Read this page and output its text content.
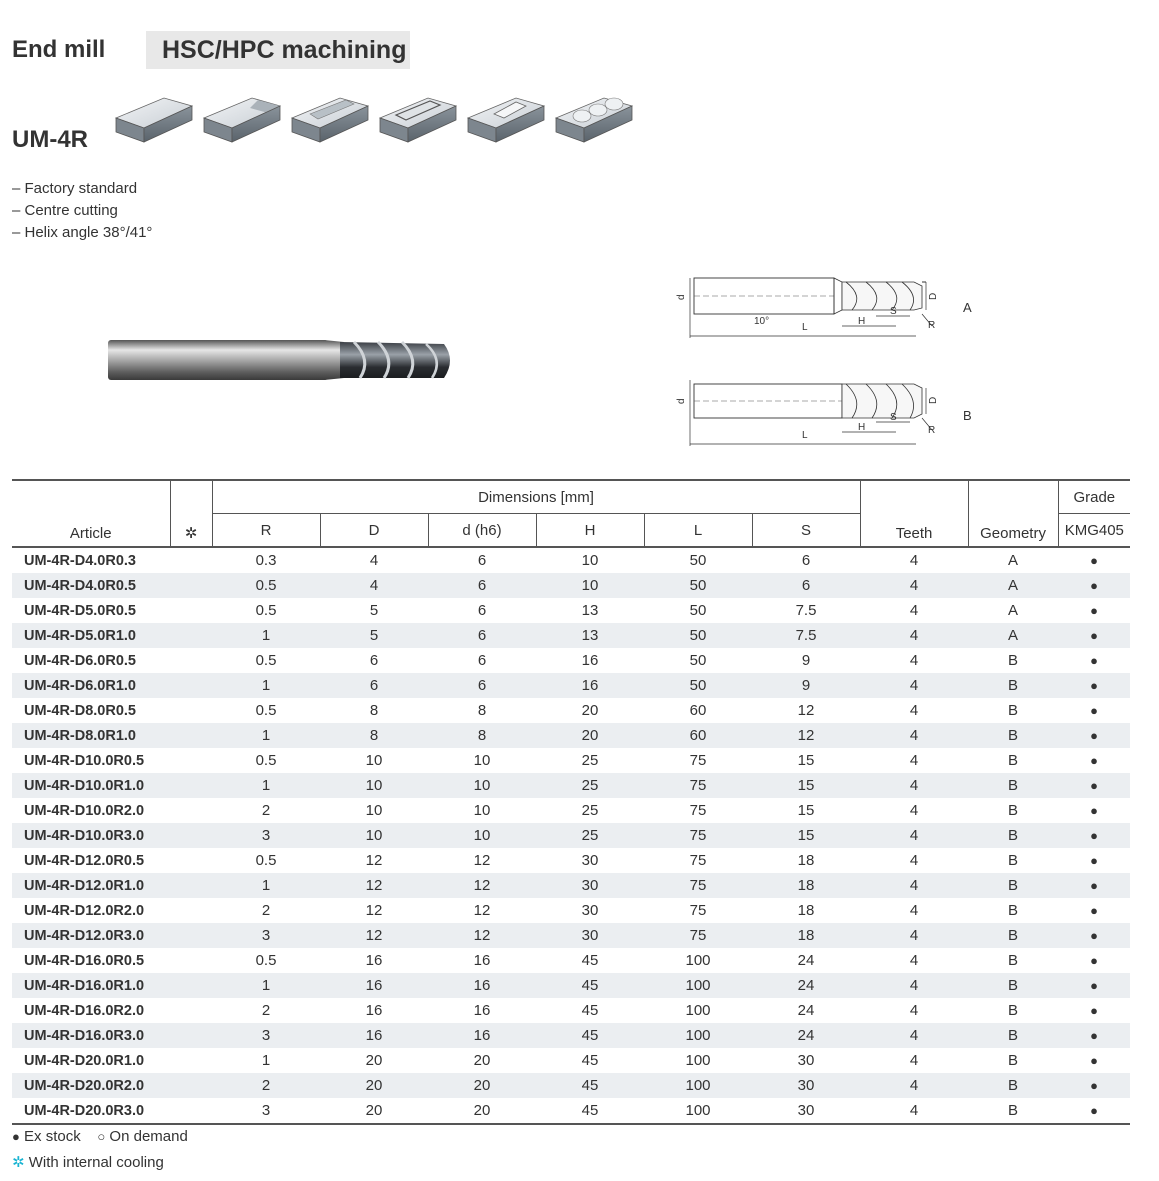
End mill	HSC/HPC machining
UM-4R
– Factory standard
– Centre cutting
– Helix angle 38°/41°
d
10°
L
H
S
R
D
A
d
L
H
S
R
D
B
Article	✲	Dimensions [mm]						Teeth	Geometry	Grade
		R	D	d (h6)	H	L	S			KMG405
UM-4R-D4.0R0.3		0.3	4	6	10	50	6	4	A	●
UM-4R-D4.0R0.5		0.5	4	6	10	50	6	4	A	●
UM-4R-D5.0R0.5		0.5	5	6	13	50	7.5	4	A	●
UM-4R-D5.0R1.0		1	5	6	13	50	7.5	4	A	●
UM-4R-D6.0R0.5		0.5	6	6	16	50	9	4	B	●
UM-4R-D6.0R1.0		1	6	6	16	50	9	4	B	●
UM-4R-D8.0R0.5		0.5	8	8	20	60	12	4	B	●
UM-4R-D8.0R1.0		1	8	8	20	60	12	4	B	●
UM-4R-D10.0R0.5		0.5	10	10	25	75	15	4	B	●
UM-4R-D10.0R1.0		1	10	10	25	75	15	4	B	●
UM-4R-D10.0R2.0		2	10	10	25	75	15	4	B	●
UM-4R-D10.0R3.0		3	10	10	25	75	15	4	B	●
UM-4R-D12.0R0.5		0.5	12	12	30	75	18	4	B	●
UM-4R-D12.0R1.0		1	12	12	30	75	18	4	B	●
UM-4R-D12.0R2.0		2	12	12	30	75	18	4	B	●
UM-4R-D12.0R3.0		3	12	12	30	75	18	4	B	●
UM-4R-D16.0R0.5		0.5	16	16	45	100	24	4	B	●
UM-4R-D16.0R1.0		1	16	16	45	100	24	4	B	●
UM-4R-D16.0R2.0		2	16	16	45	100	24	4	B	●
UM-4R-D16.0R3.0		3	16	16	45	100	24	4	B	●
UM-4R-D20.0R1.0		1	20	20	45	100	30	4	B	●
UM-4R-D20.0R2.0		2	20	20	45	100	30	4	B	●
UM-4R-D20.0R3.0		3	20	20	45	100	30	4	B	●
● Ex stock ○ On demand
✲ With internal cooling
